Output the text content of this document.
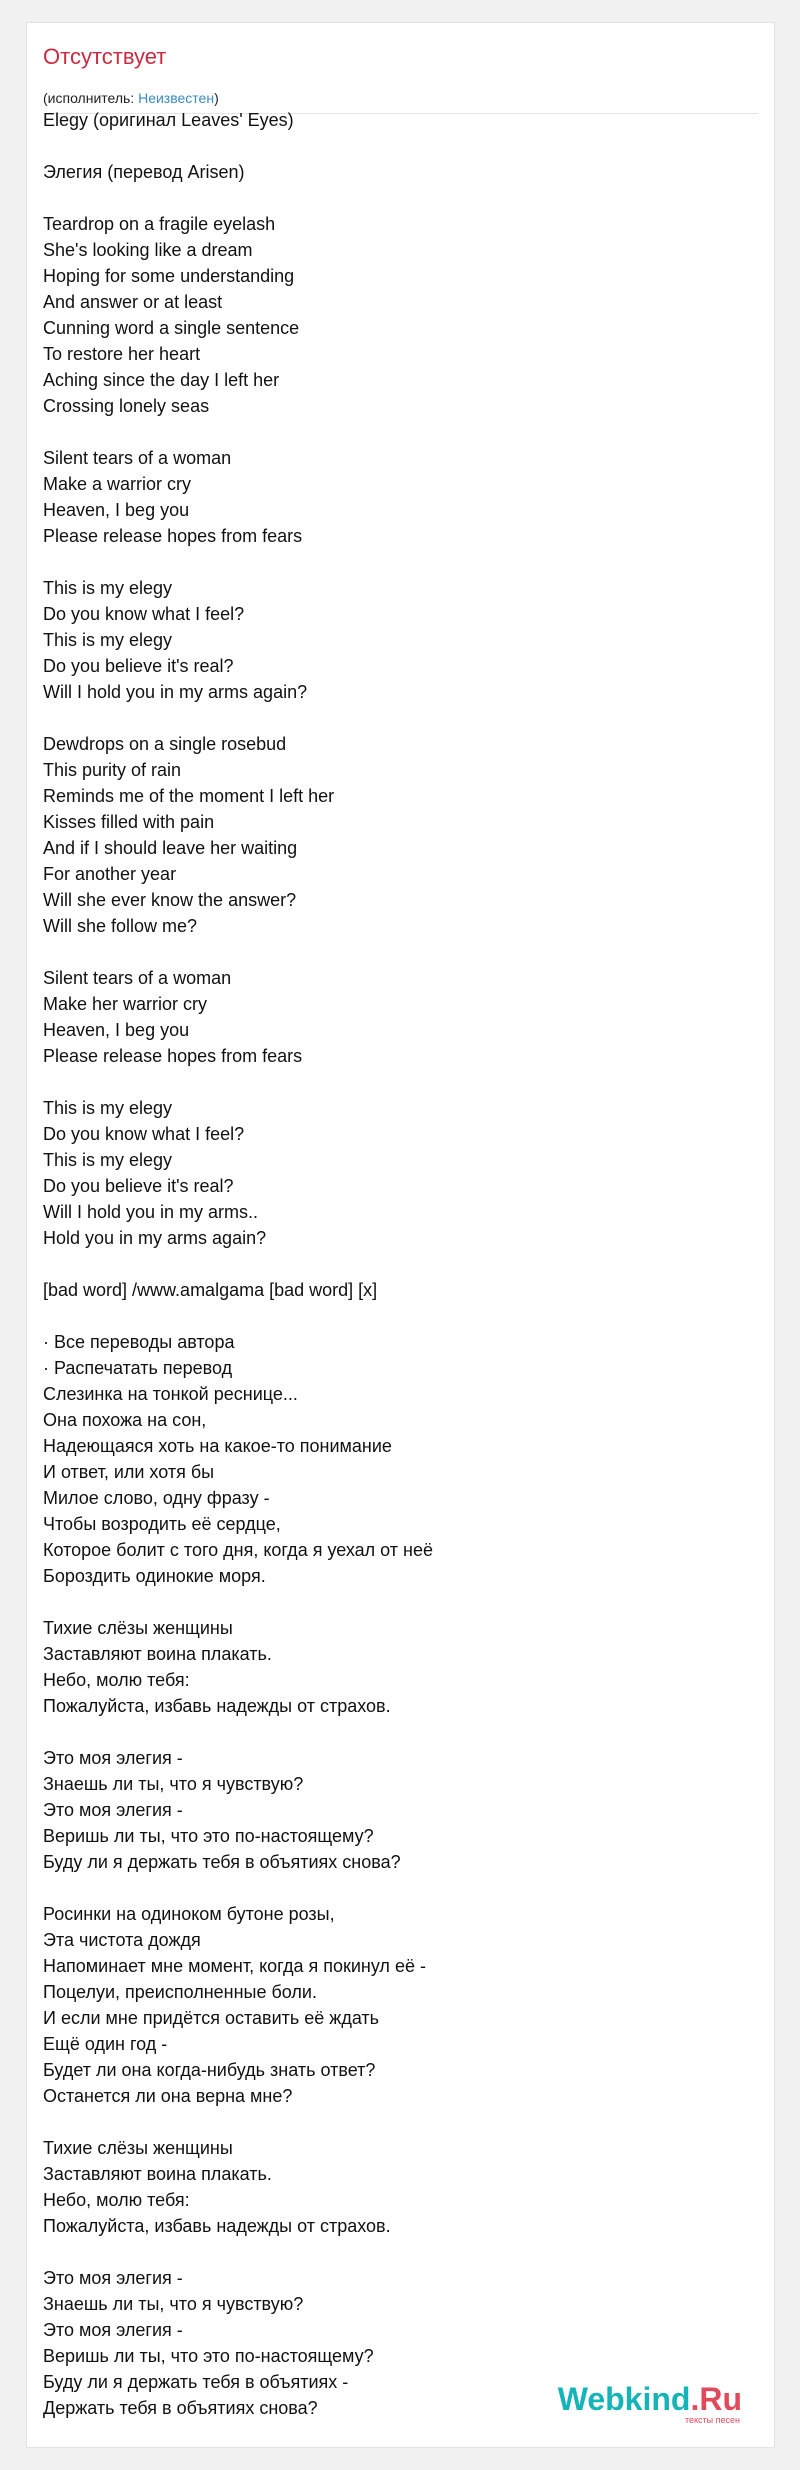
Отсутствует
(исполнитель: Неизвестен)
Elegy (оригинал Leaves' Eyes)
Элегия (перевод Arisen)
Teardrop on a fragile eyelash
She's looking like a dream
Hoping for some understanding
And answer or at least
Cunning word a single sentence
To restore her heart
Aching since the day I left her
Crossing lonely seas
Silent tears of a woman
Make a warrior cry
Heaven, I beg you
Please release hopes from fears
This is my elegy
Do you know what I feel?
This is my elegy
Do you believe it's real?
Will I hold you in my arms again?
Dewdrops on a single rosebud
This purity of rain
Reminds me of the moment I left her
Kisses filled with pain
And if I should leave her waiting
For another year
Will she ever know the answer?
Will she follow me?
Silent tears of a woman
Make her warrior cry
Heaven, I beg you
Please release hopes from fears
This is my elegy
Do you know what I feel?
This is my elegy
Do you believe it's real?
Will I hold you in my arms..
Hold you in my arms again?
[bad word] /www.amalgama [bad word] [x]
· Все переводы автора
· Распечатать перевод
Слезинка на тонкой реснице...
Она похожа на сон,
Надеющаяся хоть на какое-то понимание
И ответ, или хотя бы
Милое слово, одну фразу -
Чтобы возродить её сердце,
Которое болит с того дня, когда я уехал от неё
Бороздить одинокие моря.
Тихие слёзы женщины
Заставляют воина плакать.
Небо, молю тебя:
Пожалуйста, избавь надежды от страхов.
Это моя элегия -
Знаешь ли ты, что я чувствую?
Это моя элегия -
Веришь ли ты, что это по-настоящему?
Буду ли я держать тебя в объятиях снова?
Росинки на одиноком бутоне розы,
Эта чистота дождя
Напоминает мне момент, когда я покинул её -
Поцелуи, преисполненные боли.
И если мне придётся оставить её ждать
Ещё один год -
Будет ли она когда-нибудь знать ответ?
Останется ли она верна мне?
Тихие слёзы женщины
Заставляют воина плакать.
Небо, молю тебя:
Пожалуйста, избавь надежды от страхов.
Это моя элегия -
Знаешь ли ты, что я чувствую?
Это моя элегия -
Веришь ли ты, что это по-настоящему?
Буду ли я держать тебя в объятиях -
Держать тебя в объятиях снова?	Webkind.Ru
тексты песен
